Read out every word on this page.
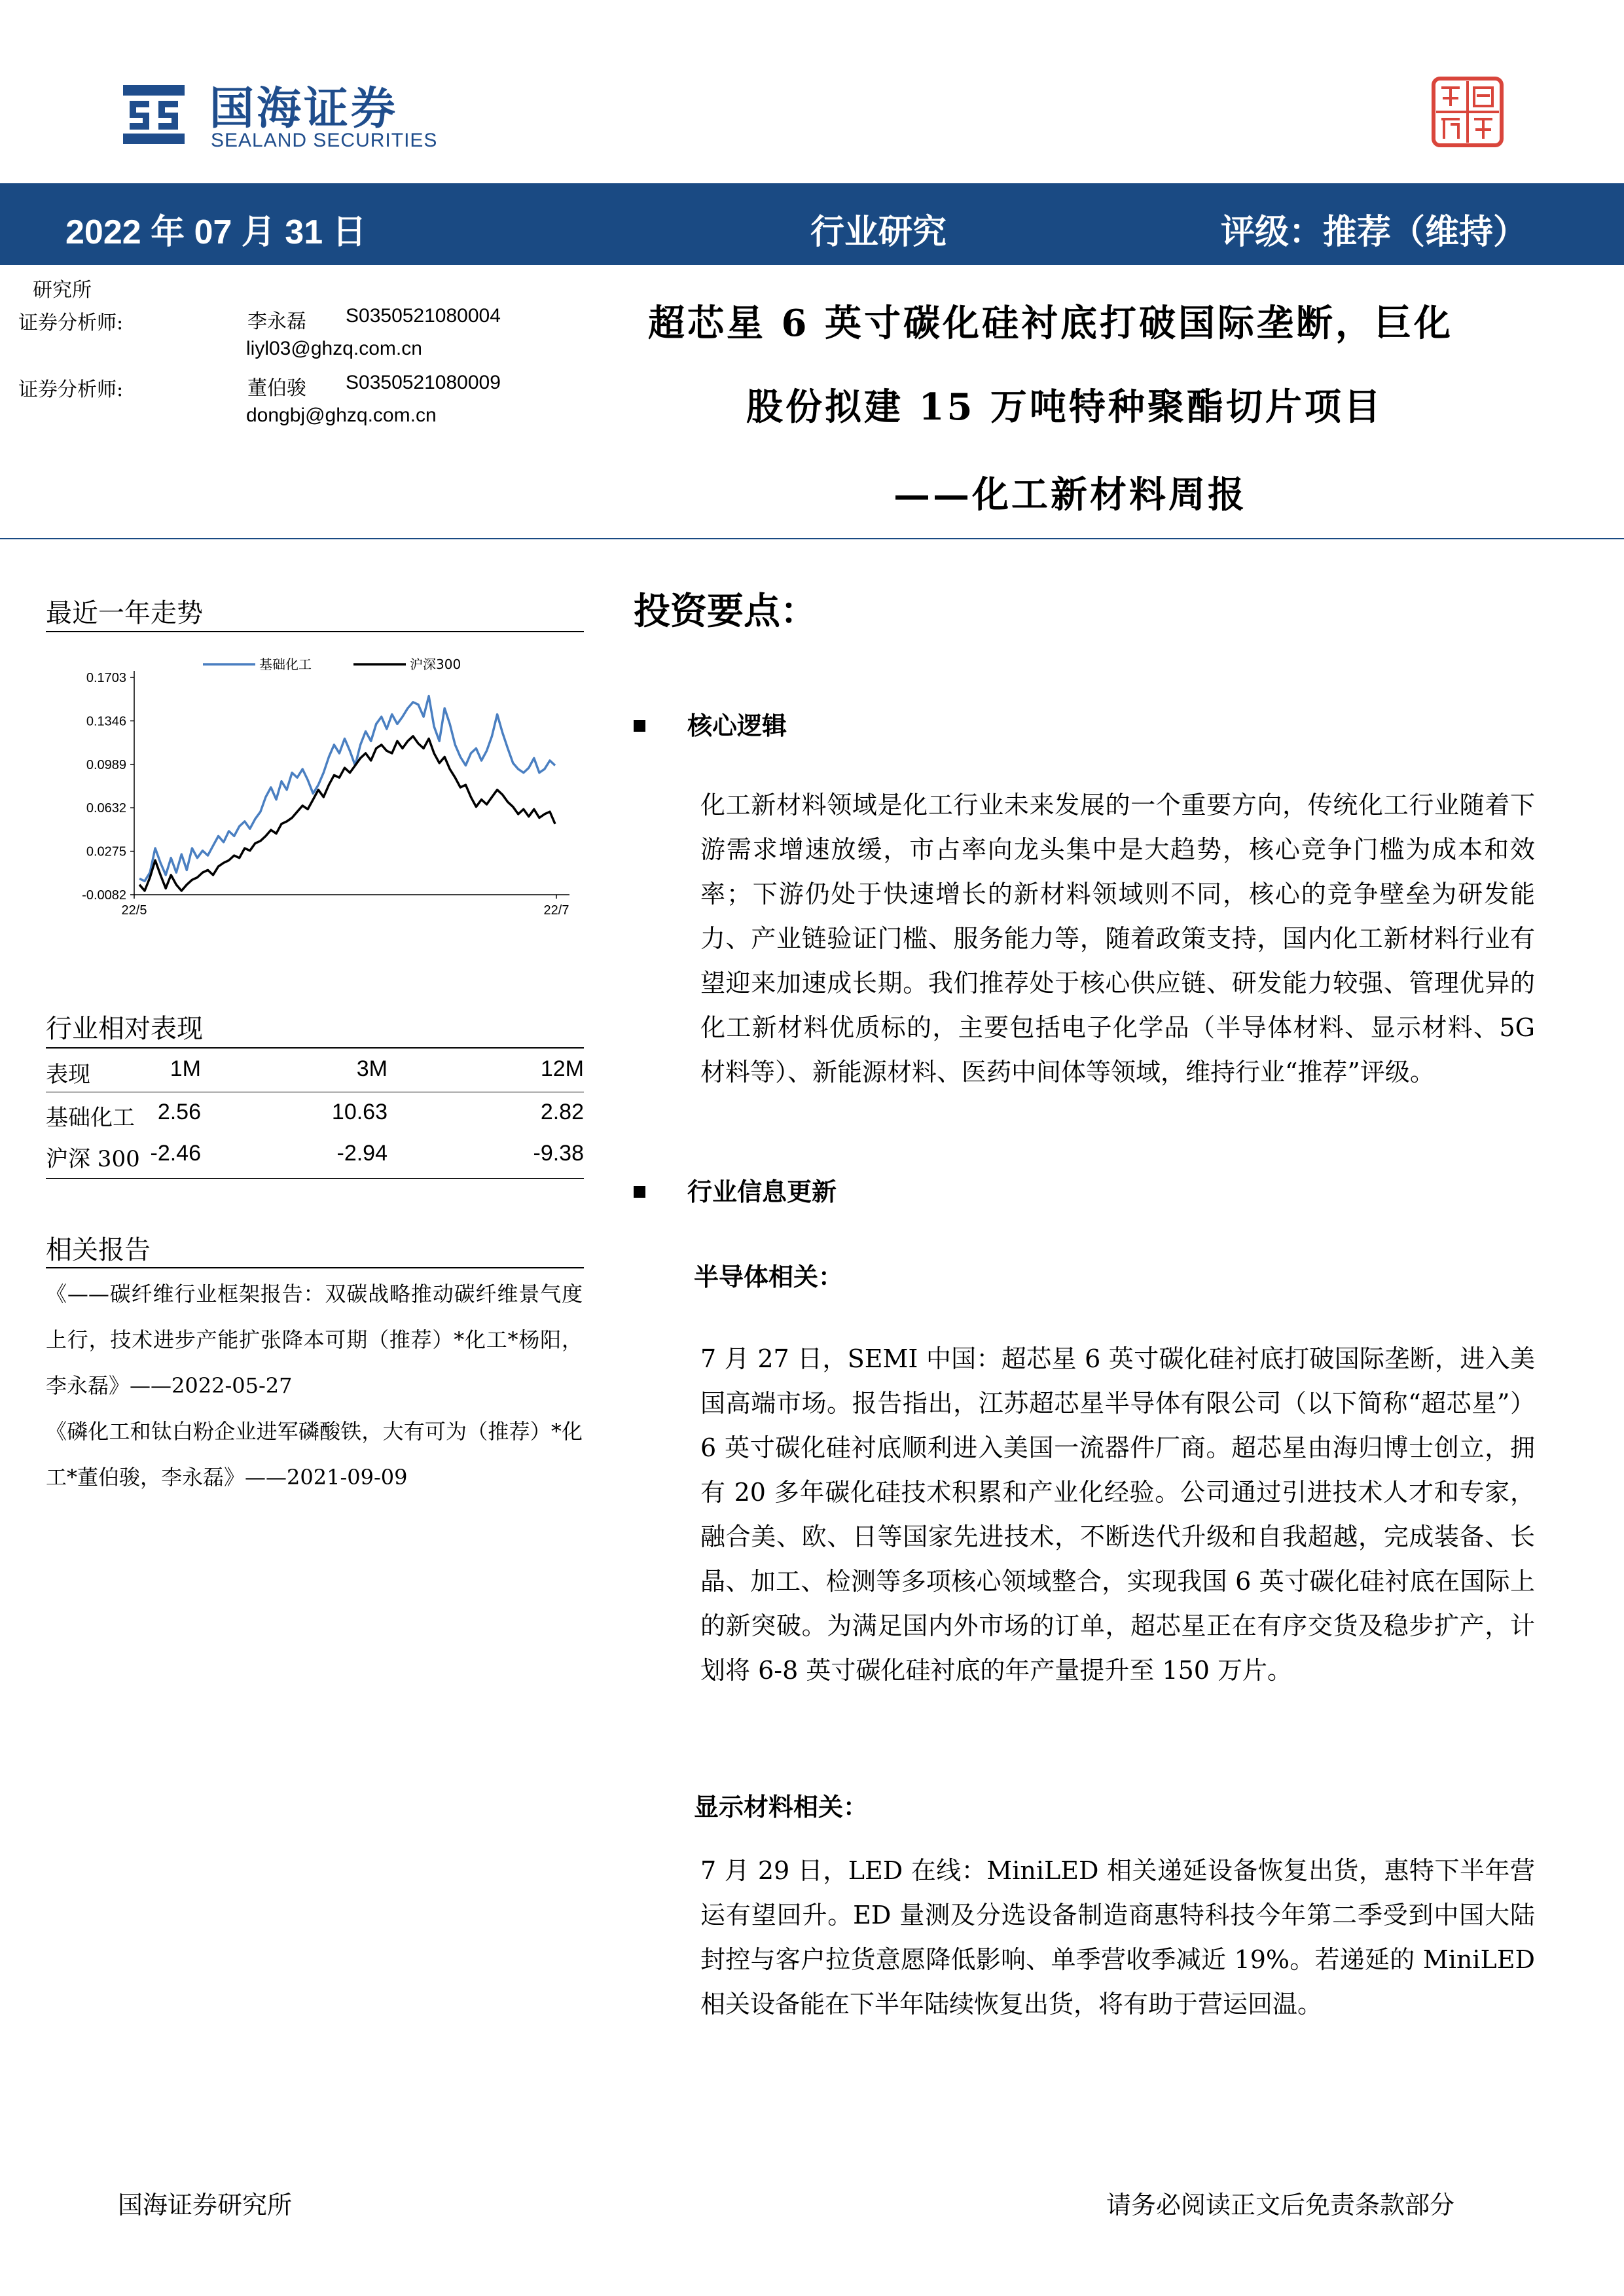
国海证券
SEALAND SECURITIES
2022 年 07 月 31 日	行业研究	评级：推荐（维持）
研究所
证券分析师:	李永磊 S0350521080004
liyl03@ghzq.com.cn
证券分析师:	董伯骏 S0350521080009
dongbj@ghzq.com.cn
超芯星 6 英寸碳化硅衬底打破国际垄断，巨化
股份拟建 15 万吨特种聚酯切片项目
——化工新材料周报
最近一年走势
0.1703
0.1346
0.0989
0.0632
0.0275
-0.0082
22/5	22/7
基础化工	沪深300
行业相对表现
表现	1M	3M	12M
基础化工 2.56	10.63	2.82
沪深 300 -2.46	-2.94	-9.38
相关报告
《——碳纤维行业框架报告：双碳战略推动碳纤维景气度上行，技术进步产能扩张降本可期（推荐）*化工*杨阳，李永磊》——2022-05-27
《磷化工和钛白粉企业进军磷酸铁，大有可为（推荐）*化工*董伯骏，李永磊》——2021-09-09
投资要点：
核心逻辑
化工新材料领域是化工行业未来发展的一个重要方向，传统化工行业随着下游需求增速放缓，市占率向龙头集中是大趋势，核心竞争门槛为成本和效率；下游仍处于快速增长的新材料领域则不同，核心的竞争壁垒为研发能力、产业链验证门槛、服务能力等，随着政策支持，国内化工新材料行业有望迎来加速成长期。我们推荐处于核心供应链、研发能力较强、管理优异的化工新材料优质标的，主要包括电子化学品（半导体材料、显示材料、5G 材料等）、新能源材料、医药中间体等领域，维持行业“推荐”评级。
行业信息更新
半导体相关：
7 月 27 日，SEMI 中国：超芯星 6 英寸碳化硅衬底打破国际垄断，进入美国高端市场。报告指出，江苏超芯星半导体有限公司（以下简称“超芯星”）6 英寸碳化硅衬底顺利进入美国一流器件厂商。超芯星由海归博士创立，拥有 20 多年碳化硅技术积累和产业化经验。公司通过引进技术人才和专家，融合美、欧、日等国家先进技术，不断迭代升级和自我超越，完成装备、长晶、加工、检测等多项核心领域整合，实现我国 6 英寸碳化硅衬底在国际上的新突破。为满足国内外市场的订单，超芯星正在有序交货及稳步扩产，计划将 6-8 英寸碳化硅衬底的年产量提升至 150 万片。
显示材料相关：
7 月 29 日，LED 在线：MiniLED 相关递延设备恢复出货，惠特下半年营运有望回升。ED 量测及分选设备制造商惠特科技今年第二季受到中国大陆封控与客户拉货意愿降低影响、单季营收季减近 19%。若递延的 MiniLED 相关设备能在下半年陆续恢复出货，将有助于营运回温。
国海证券研究所	请务必阅读正文后免责条款部分
